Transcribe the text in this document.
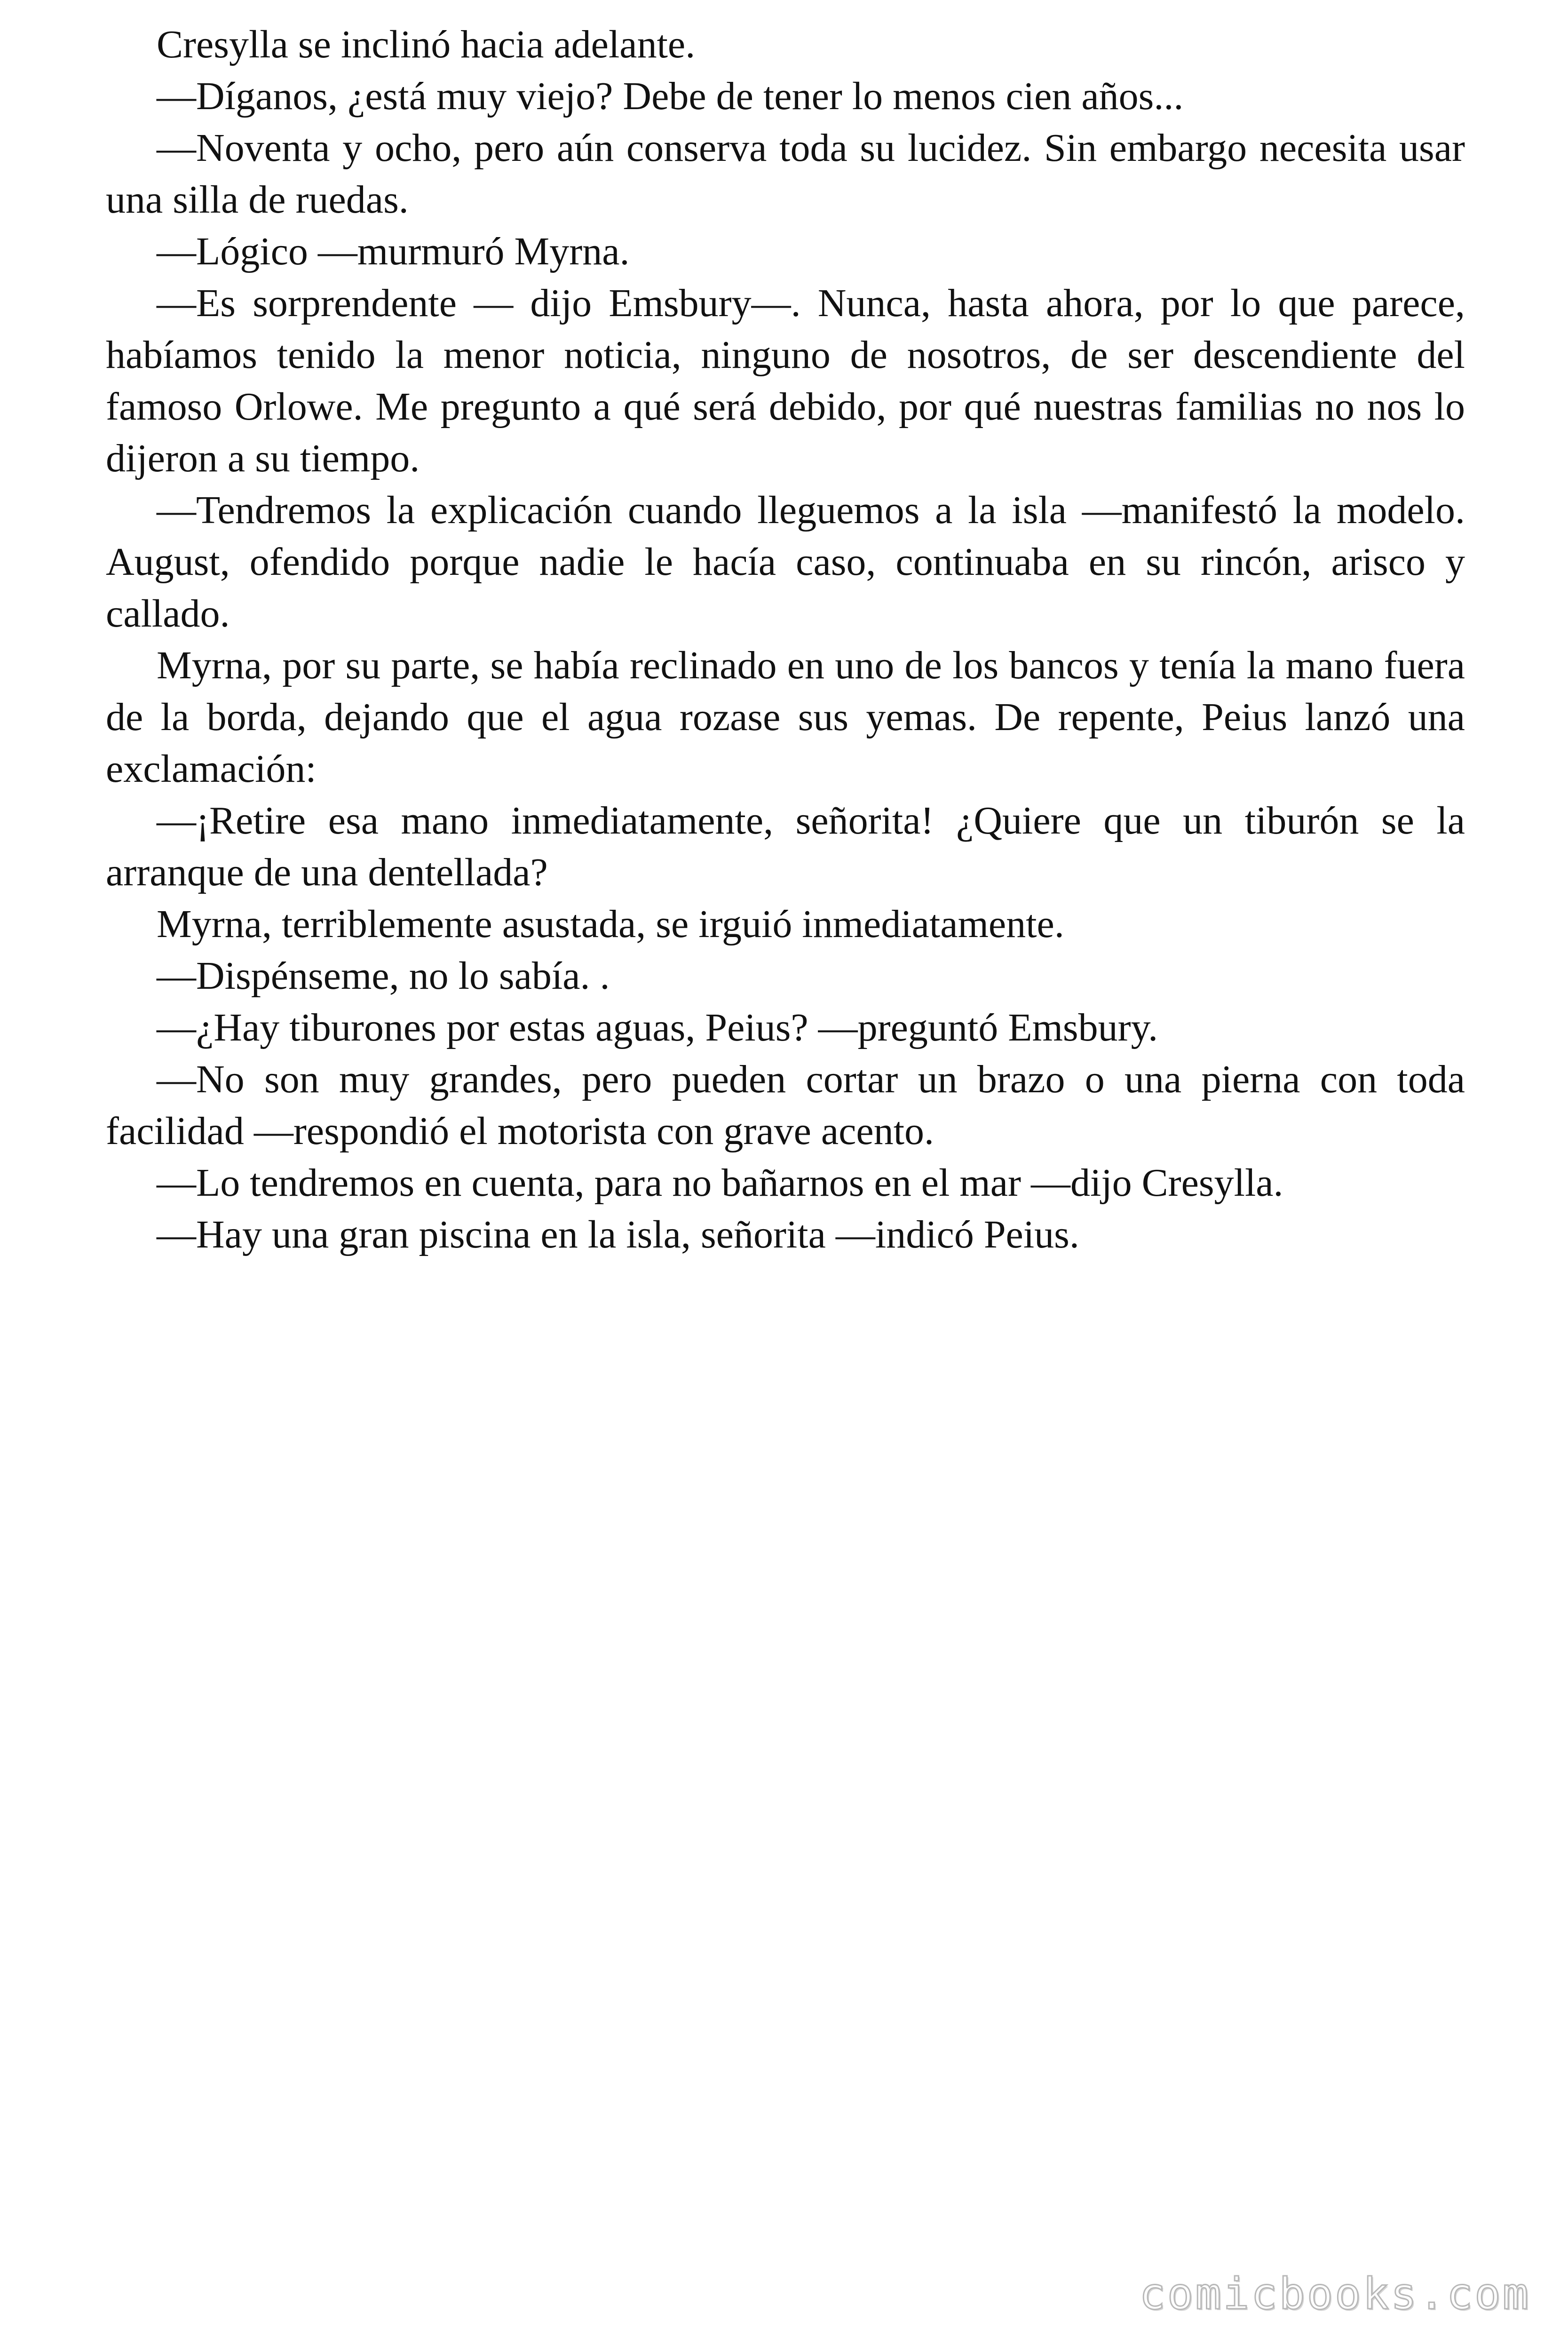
Cresylla se inclinó hacia adelante.

—Díganos, ¿está muy viejo? Debe de tener lo menos cien años...

—Noventa y ocho, pero aún conserva toda su lucidez. Sin embargo necesita usar una silla de ruedas.

—Lógico —murmuró Myrna.

—Es sorprendente — dijo Emsbury—. Nunca, hasta ahora, por lo que parece, habíamos tenido la menor noticia, ninguno de nosotros, de ser descendiente del famoso Orlowe. Me pregunto a qué será debido, por qué nuestras familias no nos lo dijeron a su tiempo.

—Tendremos la explicación cuando lleguemos a la isla —manifestó la modelo. August, ofendido porque nadie le hacía caso, continuaba en su rincón, arisco y callado.

Myrna, por su parte, se había reclinado en uno de los bancos y tenía la mano fuera de la borda, dejando que el agua rozase sus yemas. De repente, Peius lanzó una exclamación:

—¡Retire esa mano inmediatamente, señorita! ¿Quiere que un tiburón se la arranque de una dentellada?

Myrna, terriblemente asustada, se irguió inmediatamente.

—Dispénseme, no lo sabía. .

—¿Hay tiburones por estas aguas, Peius? —preguntó Emsbury.

—No son muy grandes, pero pueden cortar un brazo o una pierna con toda facilidad —respondió el motorista con grave acento.

—Lo tendremos en cuenta, para no bañarnos en el mar —dijo Cresylla.

—Hay una gran piscina en la isla, señorita —indicó Peius.

comicbooks.com
